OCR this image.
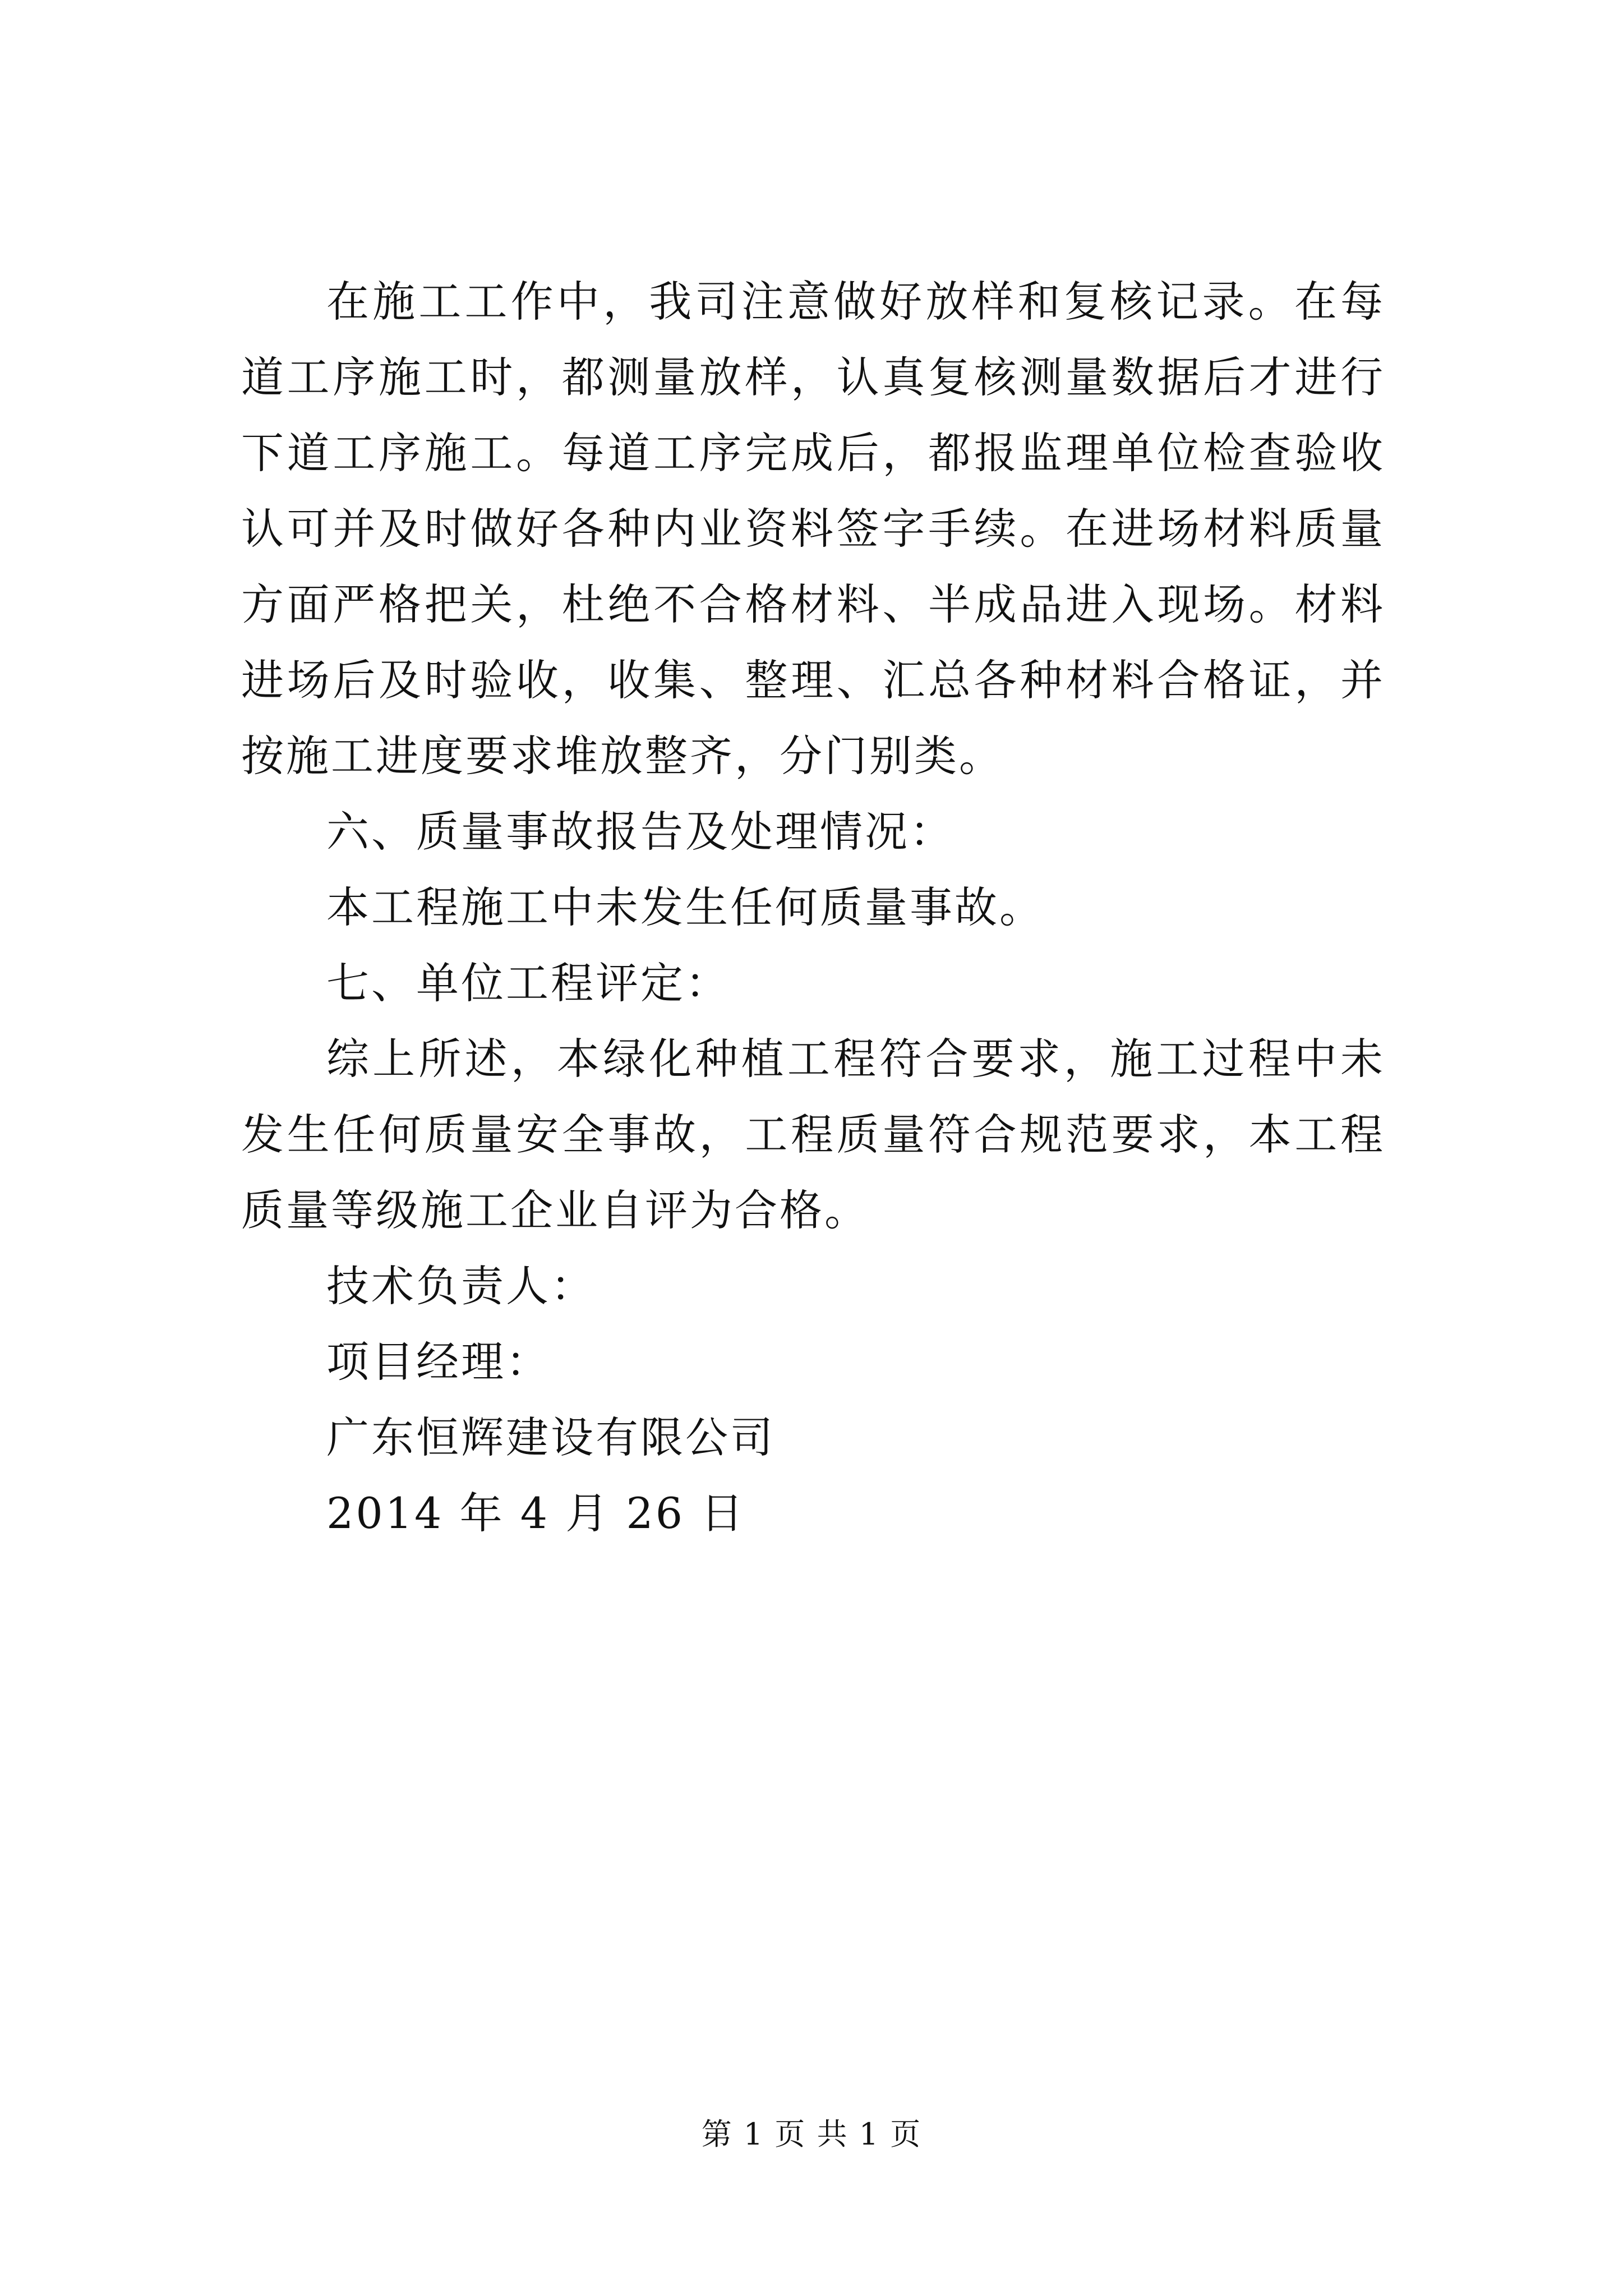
在施工工作中，我司注意做好放样和复核记录。在每道工序施工时，都测量放样，认真复核测量数据后才进行下道工序施工。每道工序完成后，都报监理单位检查验收认可并及时做好各种内业资料签字手续。在进场材料质量方面严格把关，杜绝不合格材料、半成品进入现场。材料进场后及时验收，收集、整理、汇总各种材料合格证，并按施工进度要求堆放整齐，分门别类。

六、质量事故报告及处理情况：

本工程施工中未发生任何质量事故。

七、单位工程评定：

综上所述，本绿化种植工程符合要求，施工过程中未发生任何质量安全事故，工程质量符合规范要求，本工程质量等级施工企业自评为合格。

技术负责人：

项目经理：

广东恒辉建设有限公司

2014 年 4 月 26 日

第 1 页 共 1 页
